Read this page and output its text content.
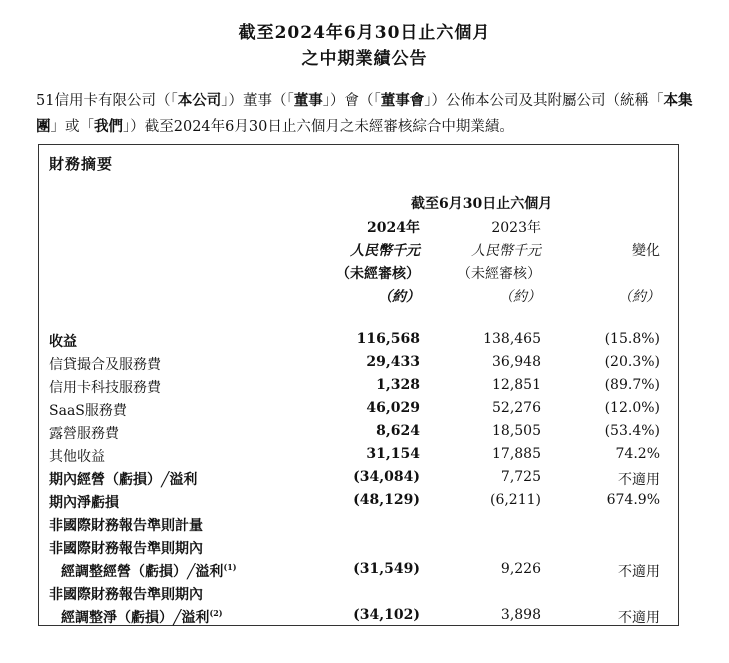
截至2024年6月30日止六個月
之中期業績公告
51信用卡有限公司（「本公司」）董事（「董事」）會（「董事會」）公佈本公司及其附屬公司（統稱「本集團」或「我們」）截至2024年6月30日止六個月之未經審核綜合中期業績。
財務摘要
截至6月30日止六個月
2024年
人民幣千元
（未經審核）
（約）
2023年
人民幣千元
（未經審核）
（約）
變化
（約）
收益	116,568	138,465	(15.8%)
信貸撮合及服務費	29,433	36,948	(20.3%)
信用卡科技服務費	1,328	12,851	(89.7%)
SaaS服務費	46,029	52,276	(12.0%)
露營服務費	8,624	18,505	(53.4%)
其他收益	31,154	17,885	74.2%
期內經營（虧損）╱溢利	(34,084)	7,725	不適用
期內淨虧損	(48,129)	(6,211)	674.9%
非國際財務報告準則計量
非國際財務報告準則期內
經調整經營（虧損）╱溢利$^{(1)}$	(31,549)	9,226	不適用
非國際財務報告準則期內
經調整淨（虧損）╱溢利$^{(2)}$	(34,102)	3,898	不適用
